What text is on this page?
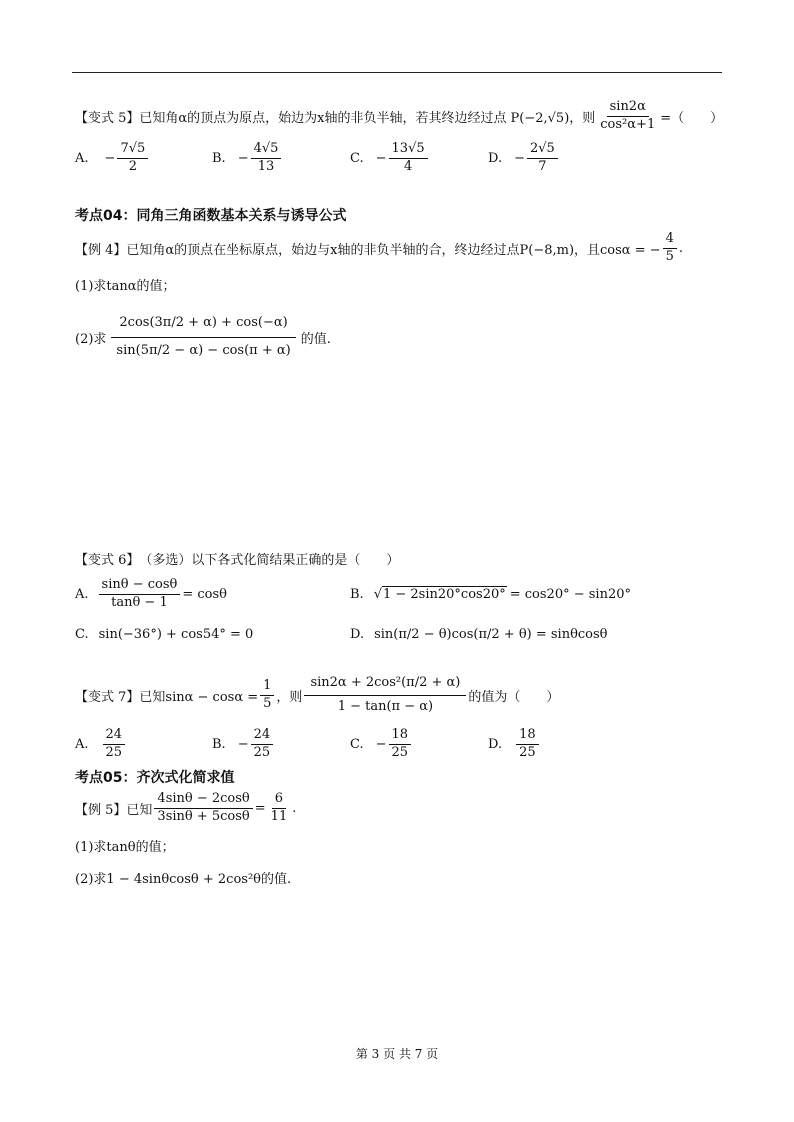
【变式 5】 已知角α的顶点为原点，始边为x轴的非负半轴，若其终边经过点 P(−2,√5)，则 $\frac{\sin 2\alpha}{\text{cos²α+1}}$ =（　　）
A. − $\frac{7√5}{2}$	B. − $\frac{4√5}{13}$	C. − $\frac{13√5}{4}$	D. − $\frac{2√5}{7}$
考点04：同角三角函数基本关系与诱导公式
【例 4】 已知角α的顶点在坐标原点，始边与x轴的非负半轴的合，终边经过点P(−8,m)，且cosα = − $\frac{4}{5}$ .
(1)求tanα的值；
(2)求 $\frac{2\cos(3\pi/2 + \alpha) + \cos(-\alpha)}{\sin(5\pi/2 - \alpha) - \cos(\pi + \alpha)}$ 的值.
【变式 6】 （多选）以下各式化简结果正确的是（　　）
A. $\frac{\sin\theta - \cos\theta}{\tan\theta - 1} = \cos\theta$	B. √ 1 − 2sin20°cos20° = cos20° − sin20°
C. sin(−36°) + cos54° = 0	D. sin(π/2 − θ)cos(π/2 + θ) = sinθcosθ
【变式 7】 已知$\sin\alpha - \cos\alpha = \frac{1}{5}$ ，则 $\frac{\text{sin2α + 2cos²(π/2 + α)}}{1 - \tan(\pi - \alpha)}$ 的值为（　　）
A. $\frac{24}{25}$	B. − $\frac{24}{25}$	C. − $\frac{18}{25}$	D. $\frac{18}{25}$
考点05：齐次式化简求值
【例 5】 已知 $\frac{4\sin\theta - 2\cos\theta}{3\sin\theta + 5\cos\theta} = \frac{6}{11}$ .
(1)求tanθ的值；
(2)求1 − 4sinθcosθ + 2cos²θ的值.
第 3 页 共 7 页
